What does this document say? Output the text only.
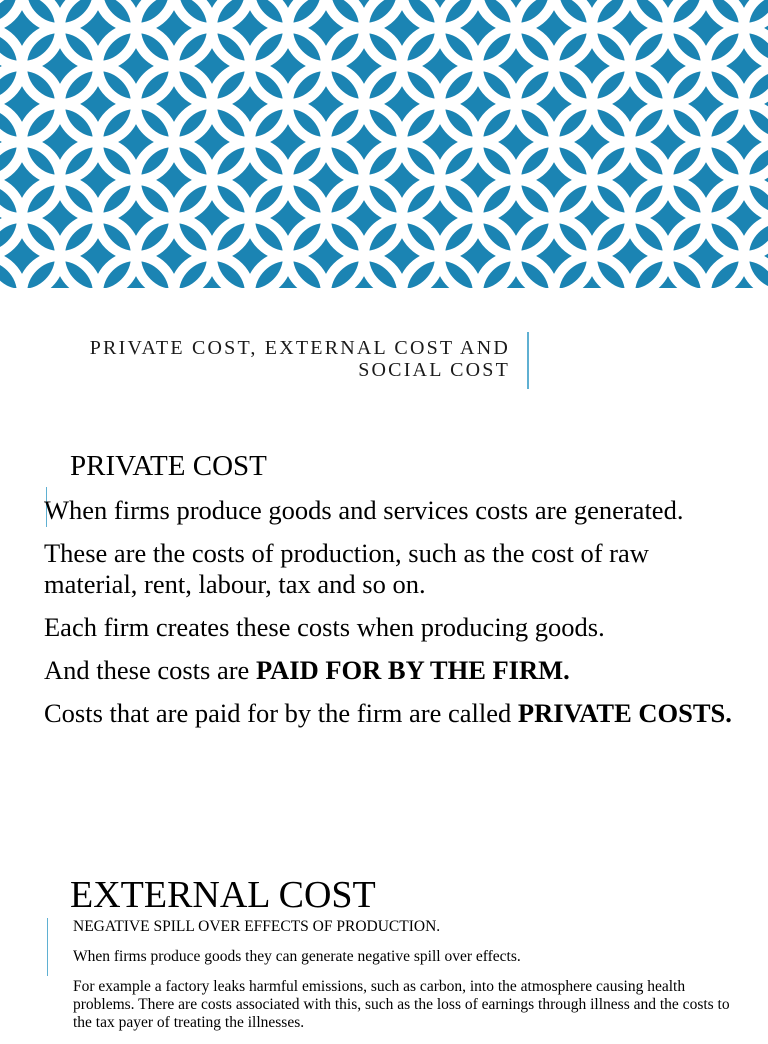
PRIVATE COST, EXTERNAL COST AND
SOCIAL COST
PRIVATE COST

When firms produce goods and services costs are generated.

These are the costs of production, such as the cost of raw material, rent, labour, tax and so on.

Each firm creates these costs when producing goods.

And these costs are PAID FOR BY THE FIRM.

Costs that are paid for by the firm are called PRIVATE COSTS.

EXTERNAL COST

NEGATIVE SPILL OVER EFFECTS OF PRODUCTION.

When firms produce goods they can generate negative spill over effects.

For example a factory leaks harmful emissions, such as carbon, into the atmosphere causing health problems. There are costs associated with this, such as the loss of earnings through illness and the costs to the tax payer of treating the illnesses.
